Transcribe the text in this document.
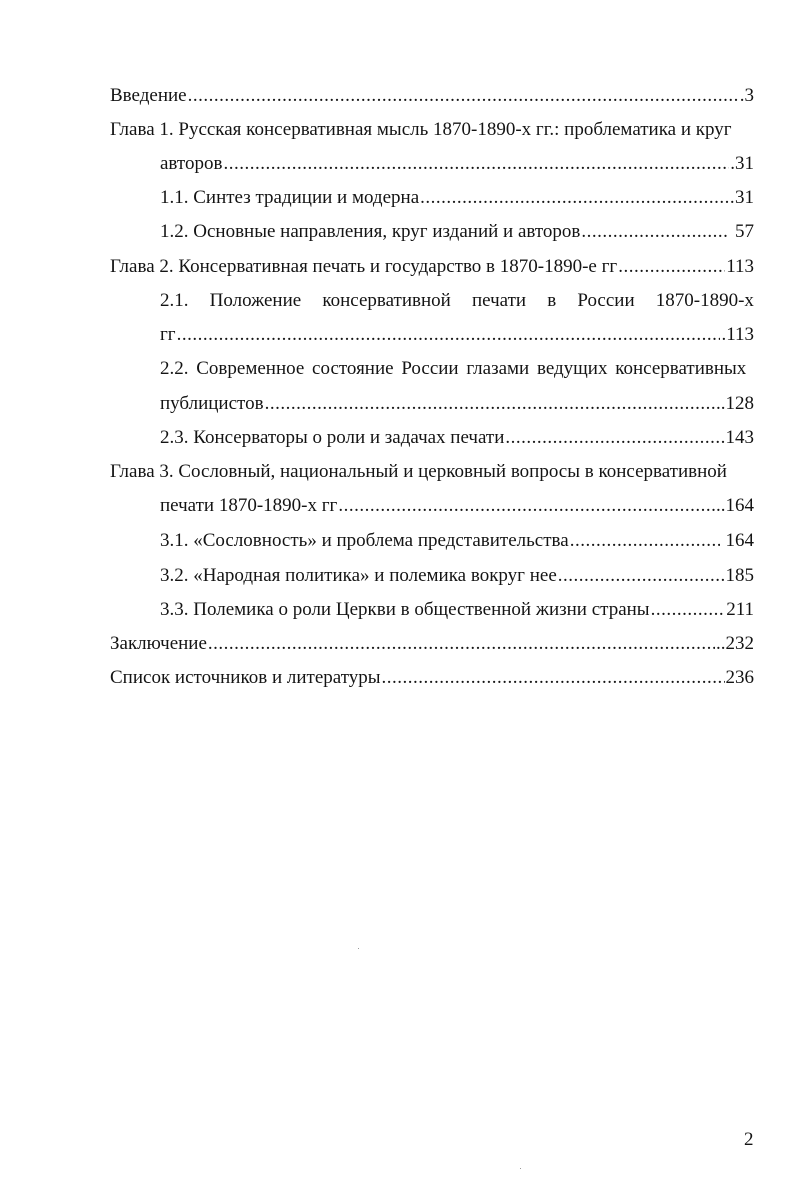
Введение .....	.3
Глава 1. Русская консервативная мысль 1870-1890-х гг.: проблематика и круг
авторов .....	.31
1.1. Синтез традиции и модерна .....	31
1.2. Основные направления, круг изданий и авторов .....	57
Глава 2. Консервативная печать и государство в 1870-1890-е гг .....	113
2.1. Положение консервативной печати в России 1870-1890-х
гг .....	.113
2.2. Современное состояние России глазами ведущих консервативных
публицистов .....	..128
2.3. Консерваторы о роли и задачах печати .....	143
Глава 3. Сословный, национальный и церковный вопросы в консервативной
печати 1870-1890-х гг .....	..164
3.1. «Сословность» и проблема представительства .....	164
3.2. «Народная политика» и полемика вокруг нее .....	185
3.3. Полемика о роли Церкви в общественной жизни страны .....	211
Заключение .....	..232
Список источников и литературы .....	236
2
